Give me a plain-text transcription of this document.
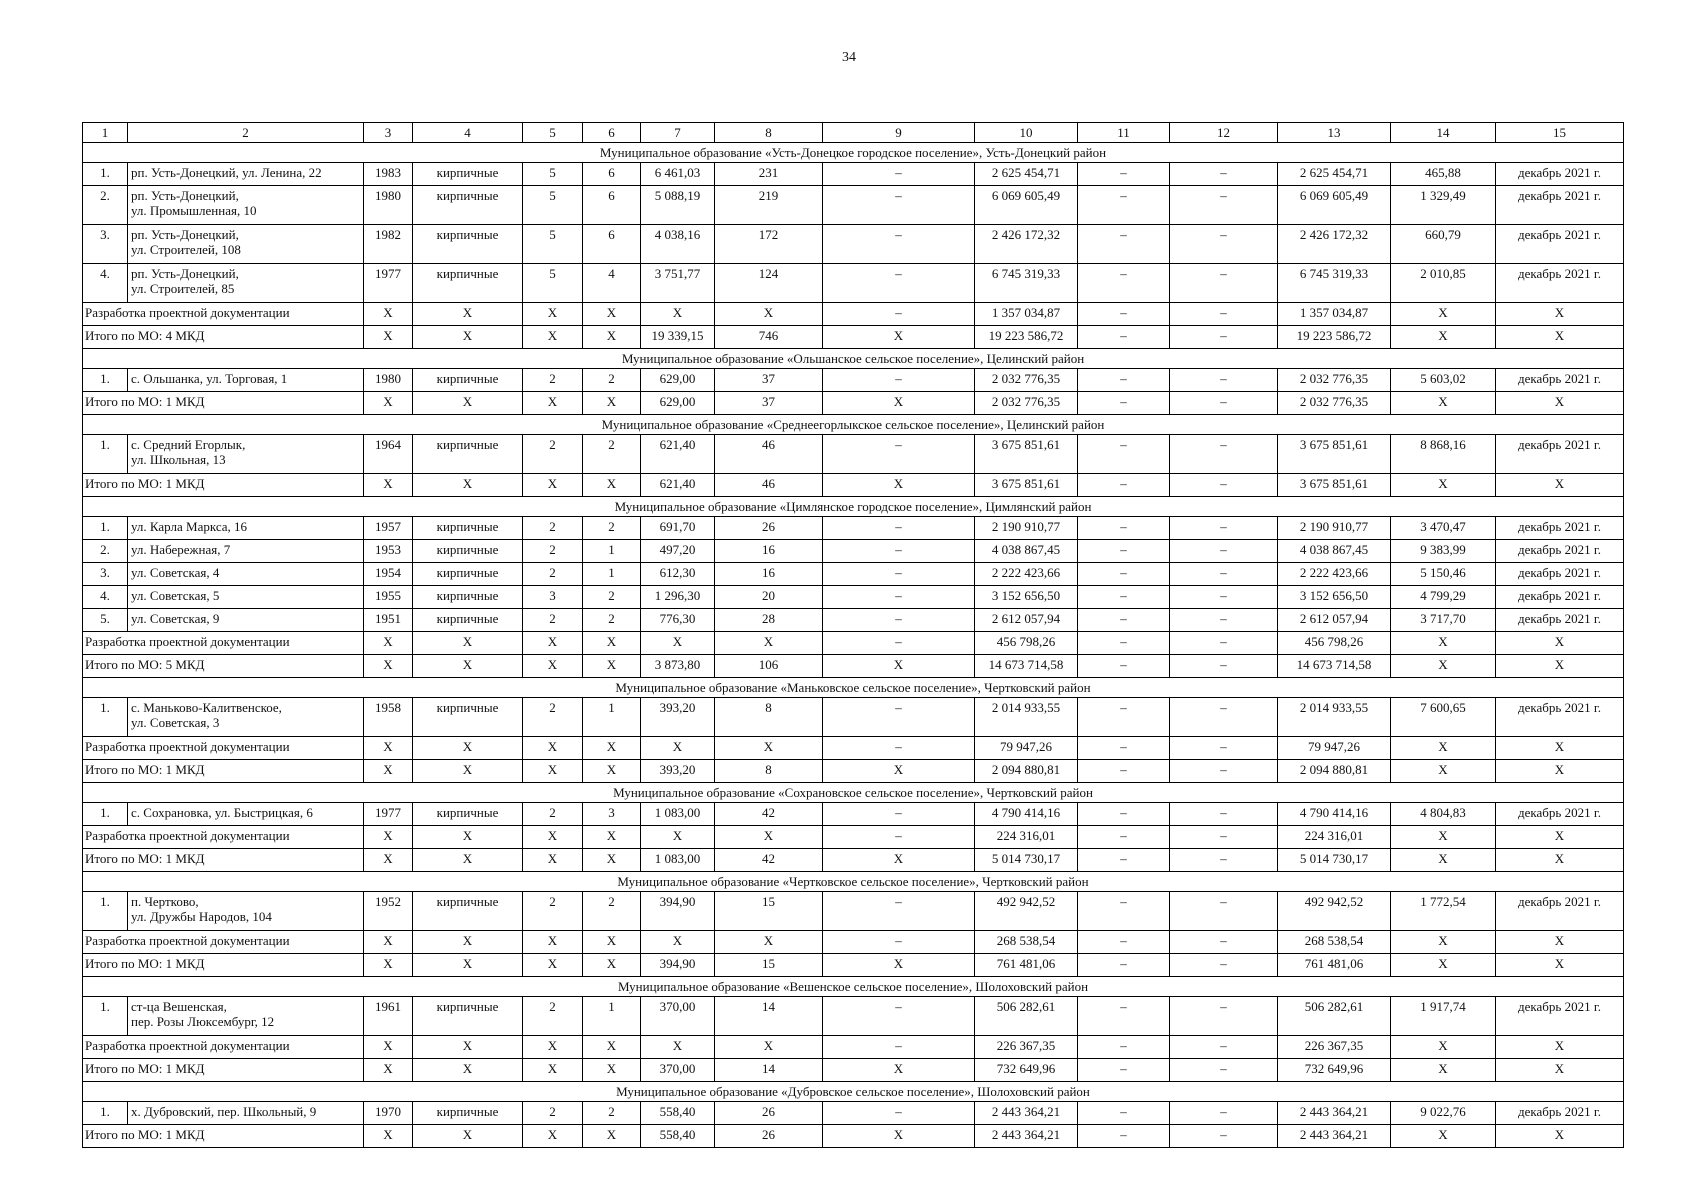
34
1	2	3	4	5	6	7	8	9	10	11	12	13	14	15
Муниципальное образование «Усть-Донецкое городское поселение», Усть-Донецкий район														
1.	рп. Усть-Донецкий, ул. Ленина, 22	1983	кирпичные	5	6	6 461,03	231	–	2 625 454,71	–	–	2 625 454,71	465,88	декабрь 2021 г.
2.	рп. Усть-Донецкий,
ул. Промышленная, 10	1980	кирпичные	5	6	5 088,19	219	–	6 069 605,49	–	–	6 069 605,49	1 329,49	декабрь 2021 г.
3.	рп. Усть-Донецкий,
ул. Строителей, 108	1982	кирпичные	5	6	4 038,16	172	–	2 426 172,32	–	–	2 426 172,32	660,79	декабрь 2021 г.
4.	рп. Усть-Донецкий,
ул. Строителей, 85	1977	кирпичные	5	4	3 751,77	124	–	6 745 319,33	–	–	6 745 319,33	2 010,85	декабрь 2021 г.
Разработка проектной документации		X	X	X	X	X	X	–	1 357 034,87	–	–	1 357 034,87	X	X
Итого по МО: 4 МКД		X	X	X	X	19 339,15	746	X	19 223 586,72	–	–	19 223 586,72	X	X
Муниципальное образование «Ольшанское сельское поселение», Целинский район														
1.	с. Ольшанка, ул. Торговая, 1	1980	кирпичные	2	2	629,00	37	–	2 032 776,35	–	–	2 032 776,35	5 603,02	декабрь 2021 г.
Итого по МО: 1 МКД		X	X	X	X	629,00	37	X	2 032 776,35	–	–	2 032 776,35	X	X
Муниципальное образование «Среднеегорлыкское сельское поселение», Целинский район														
1.	с. Средний Егорлык,
ул. Школьная, 13	1964	кирпичные	2	2	621,40	46	–	3 675 851,61	–	–	3 675 851,61	8 868,16	декабрь 2021 г.
Итого по МО: 1 МКД		X	X	X	X	621,40	46	X	3 675 851,61	–	–	3 675 851,61	X	X
Муниципальное образование «Цимлянское городское поселение», Цимлянский район														
1.	ул. Карла Маркса, 16	1957	кирпичные	2	2	691,70	26	–	2 190 910,77	–	–	2 190 910,77	3 470,47	декабрь 2021 г.
2.	ул. Набережная, 7	1953	кирпичные	2	1	497,20	16	–	4 038 867,45	–	–	4 038 867,45	9 383,99	декабрь 2021 г.
3.	ул. Советская, 4	1954	кирпичные	2	1	612,30	16	–	2 222 423,66	–	–	2 222 423,66	5 150,46	декабрь 2021 г.
4.	ул. Советская, 5	1955	кирпичные	3	2	1 296,30	20	–	3 152 656,50	–	–	3 152 656,50	4 799,29	декабрь 2021 г.
5.	ул. Советская, 9	1951	кирпичные	2	2	776,30	28	–	2 612 057,94	–	–	2 612 057,94	3 717,70	декабрь 2021 г.
Разработка проектной документации		X	X	X	X	X	X	–	456 798,26	–	–	456 798,26	X	X
Итого по МО: 5 МКД		X	X	X	X	3 873,80	106	X	14 673 714,58	–	–	14 673 714,58	X	X
Муниципальное образование «Маньковское сельское поселение», Чертковский район														
1.	с. Маньково-Калитвенское,
ул. Советская, 3	1958	кирпичные	2	1	393,20	8	–	2 014 933,55	–	–	2 014 933,55	7 600,65	декабрь 2021 г.
Разработка проектной документации		X	X	X	X	X	X	–	79 947,26	–	–	79 947,26	X	X
Итого по МО: 1 МКД		X	X	X	X	393,20	8	X	2 094 880,81	–	–	2 094 880,81	X	X
Муниципальное образование «Сохрановское сельское поселение», Чертковский район														
1.	с. Сохрановка, ул. Быстрицкая, 6	1977	кирпичные	2	3	1 083,00	42	–	4 790 414,16	–	–	4 790 414,16	4 804,83	декабрь 2021 г.
Разработка проектной документации		X	X	X	X	X	X	–	224 316,01	–	–	224 316,01	X	X
Итого по МО: 1 МКД		X	X	X	X	1 083,00	42	X	5 014 730,17	–	–	5 014 730,17	X	X
Муниципальное образование «Чертковское сельское поселение», Чертковский район														
1.	п. Чертково,
ул. Дружбы Народов, 104	1952	кирпичные	2	2	394,90	15	–	492 942,52	–	–	492 942,52	1 772,54	декабрь 2021 г.
Разработка проектной документации		X	X	X	X	X	X	–	268 538,54	–	–	268 538,54	X	X
Итого по МО: 1 МКД		X	X	X	X	394,90	15	X	761 481,06	–	–	761 481,06	X	X
Муниципальное образование «Вешенское сельское поселение», Шолоховский район														
1.	ст-ца Вешенская,
пер. Розы Люксембург, 12	1961	кирпичные	2	1	370,00	14	–	506 282,61	–	–	506 282,61	1 917,74	декабрь 2021 г.
Разработка проектной документации		X	X	X	X	X	X	–	226 367,35	–	–	226 367,35	X	X
Итого по МО: 1 МКД		X	X	X	X	370,00	14	X	732 649,96	–	–	732 649,96	X	X
Муниципальное образование «Дубровское сельское поселение», Шолоховский район														
1.	х. Дубровский, пер. Школьный, 9	1970	кирпичные	2	2	558,40	26	–	2 443 364,21	–	–	2 443 364,21	9 022,76	декабрь 2021 г.
Итого по МО: 1 МКД		X	X	X	X	558,40	26	X	2 443 364,21	–	–	2 443 364,21	X	X
